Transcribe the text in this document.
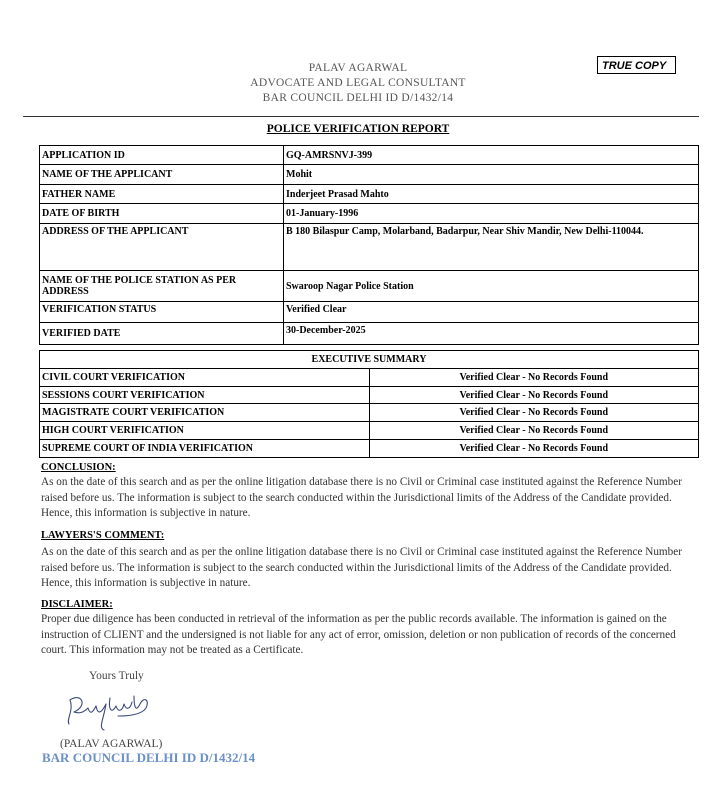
PALAV AGARWAL
ADVOCATE AND LEGAL CONSULTANT
BAR COUNCIL DELHI ID D/1432/14
TRUE COPY
POLICE VERIFICATION REPORT
APPLICATION ID	GQ-AMRSNVJ-399
NAME OF THE APPLICANT	Mohit
FATHER NAME	Inderjeet Prasad Mahto
DATE OF BIRTH	01-January-1996
ADDRESS OF THE APPLICANT	B 180 Bilaspur Camp, Molarband, Badarpur, Near Shiv Mandir, New Delhi-110044.
NAME OF THE POLICE STATION AS PER ADDRESS	Swaroop Nagar Police Station
VERIFICATION STATUS	Verified Clear
VERIFIED DATE	30-December-2025
EXECUTIVE SUMMARY	
CIVIL COURT VERIFICATION	Verified Clear - No Records Found
SESSIONS COURT VERIFICATION	Verified Clear - No Records Found
MAGISTRATE COURT VERIFICATION	Verified Clear - No Records Found
HIGH COURT VERIFICATION	Verified Clear - No Records Found
SUPREME COURT OF INDIA VERIFICATION	Verified Clear - No Records Found
CONCLUSION:
As on the date of this search and as per the online litigation database there is no Civil or Criminal case instituted against the Reference Number raised before us. The information is subject to the search conducted within the Jurisdictional limits of the Address of the Candidate provided. Hence, this information is subjective in nature.
LAWYERS'S COMMENT:
As on the date of this search and as per the online litigation database there is no Civil or Criminal case instituted against the Reference Number raised before us. The information is subject to the search conducted within the Jurisdictional limits of the Address of the Candidate provided. Hence, this information is subjective in nature.
DISCLAIMER:
Proper due diligence has been conducted in retrieval of the information as per the public records available. The information is gained on the instruction of CLIENT and the undersigned is not liable for any act of error, omission, deletion or non publication of records of the concerned court. This information may not be treated as a Certificate.
Yours Truly
(PALAV AGARWAL)
BAR COUNCIL DELHI ID D/1432/14
